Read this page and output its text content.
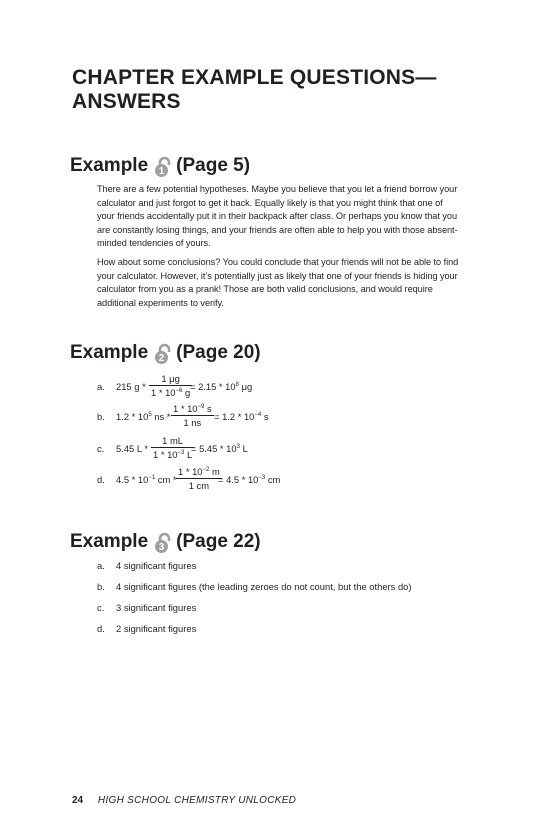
CHAPTER EXAMPLE QUESTIONS— ANSWERS
Example 1 (Page 5)

There are a few potential hypotheses. Maybe you believe that you let a friend borrow your calculator and just forgot to get it back. Equally likely is that you might think that one of your friends accidentally put it in their backpack after class. Or perhaps you know that you are constantly losing things, and your friends are often able to help you with those absent-minded tendencies of yours.

How about some conclusions? You could conclude that your friends will not be able to find your calculator. However, it’s potentially just as likely that one of your friends is hiding your calculator from you as a prank! Those are both valid conclusions, and would require additional experiments to verify.

Example 2 (Page 20)
a. 215 g *
1 μg
$1 * 10^{-6}$ g
= $2.15 * 10^8$ μg
b. $1.2 * 10^5$ ns *
$1 * 10^{-9}$ s
1 ns
= $1.2 * 10^{-4}$ s
c. 5.45 L *
1 mL
$1 * 10^{-3}$ L
= $5.45 * 10^3$ L
d. $4.5 * 10^{-1}$ cm *
$1 * 10^{-2}$ m
1 cm
= $4.5 * 10^{-3}$ cm
Example 3 (Page 22)
a. 4 significant figures
b. 4 significant figures (the leading zeroes do not count, but the others do)
c. 3 significant figures
d. 2 significant figures
24 HIGH SCHOOL CHEMISTRY UNLOCKED
